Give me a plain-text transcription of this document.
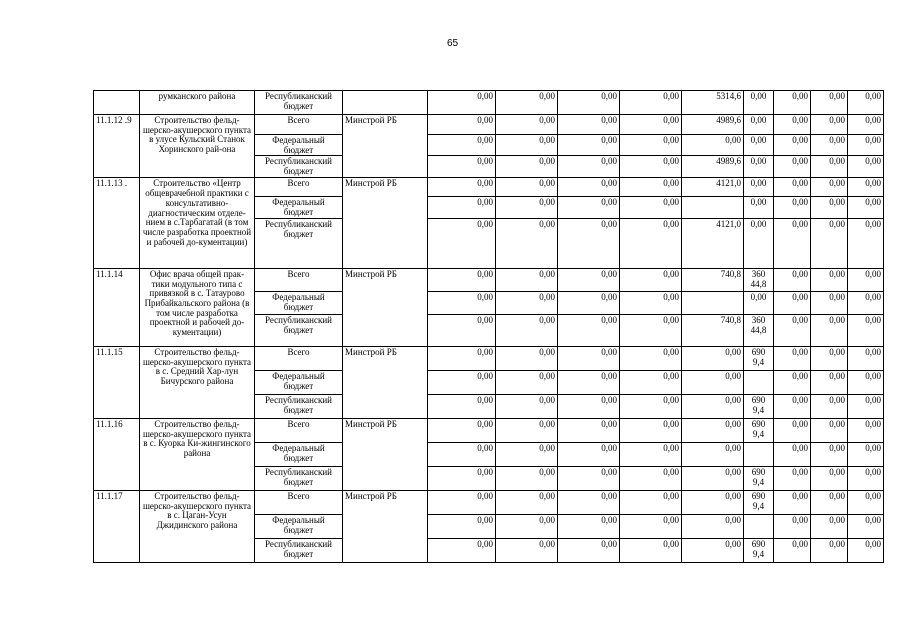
65
	румканского района	Республиканский бюджет		0,00	0,00	0,00	0,00	5314,6	0,00	0,00	0,00	0,00
11.1.12 .9	Строительство фельд-шерско-акушерского пункта в улусе Кульский Станок Хоринского рай-она	Всего	Минстрой РБ	0,00	0,00	0,00	0,00	4989,6	0,00	0,00	0,00	0,00
		Федеральный бюджет		0,00	0,00	0,00	0,00	0,00	0,00	0,00	0,00	0,00
		Республиканский бюджет		0,00	0,00	0,00	0,00	4989,6	0,00	0,00	0,00	0,00
11.1.13 .	Строительство «Центр общеврачебной практики с консультативно-диагностическим отделе-нием в с.Тарбагатай (в том числе разработка проектной и рабочей до-кументации)	Всего	Минстрой РБ	0,00	0,00	0,00	0,00	4121,0	0,00	0,00	0,00	0,00
		Федеральный бюджет		0,00	0,00	0,00	0,00		0,00	0,00	0,00	0,00
		Республиканский бюджет		0,00	0,00	0,00	0,00	4121,0	0,00	0,00	0,00	0,00
11.1.14	Офис врача общей прак-тики модульного типа с привязкой в с. Татаурово Прибайкальского района (в том числе разработка проектной и рабочей до-кументации)	Всего	Минстрой РБ	0,00	0,00	0,00	0,00	740,8	360 44,8	0,00	0,00	0,00
		Федеральный бюджет		0,00	0,00	0,00	0,00		0,00	0,00	0,00	0,00
		Республиканский бюджет		0,00	0,00	0,00	0,00	740,8	360 44,8	0,00	0,00	0,00
11.1.15	Строительство фельд-шерско-акушерского пункта в с. Средний Хар-лун Бичурского района	Всего	Минстрой РБ	0,00	0,00	0,00	0,00	0,00	690 9,4	0,00	0,00	0,00
		Федеральный бюджет		0,00	0,00	0,00	0,00	0,00		0,00	0,00	0,00
		Республиканский бюджет		0,00	0,00	0,00	0,00	0,00	690 9,4	0,00	0,00	0,00
11.1.16	Строительство фельд-шерско-акушерского пункта в с. Куорка Ки-жингинского района	Всего	Минстрой РБ	0,00	0,00	0,00	0,00	0,00	690 9,4	0,00	0,00	0,00
		Федеральный бюджет		0,00	0,00	0,00	0,00	0,00		0,00	0,00	0,00
		Республиканский бюджет		0,00	0,00	0,00	0,00	0,00	690 9,4	0,00	0,00	0,00
11.1.17	Строительство фельд-шерско-акушерского пункта в с. Цаган-Усун Джидинского района	Всего	Минстрой РБ	0,00	0,00	0,00	0,00	0,00	690 9,4	0,00	0,00	0,00
		Федеральный бюджет		0,00	0,00	0,00	0,00	0,00		0,00	0,00	0,00
		Республиканский бюджет		0,00	0,00	0,00	0,00	0,00	690 9,4	0,00	0,00	0,00
